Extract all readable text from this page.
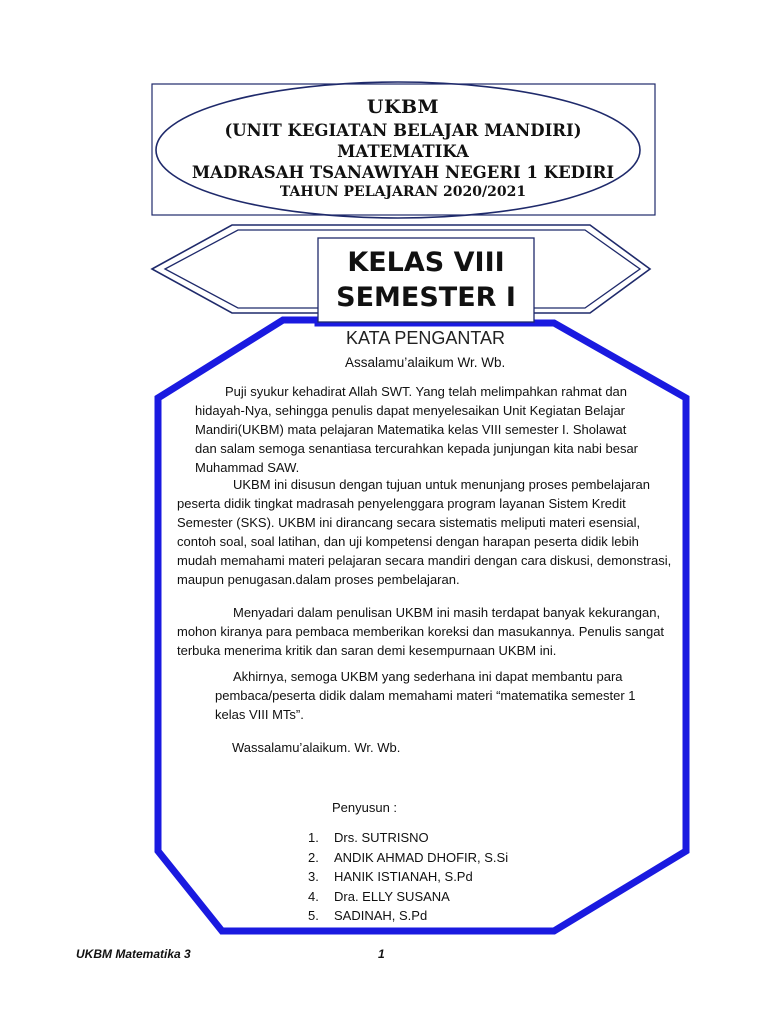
UKBM
(UNIT KEGIATAN BELAJAR MANDIRI)
MATEMATIKA
MADRASAH TSANAWIYAH NEGERI 1 KEDIRI
TAHUN PELAJARAN 2020/2021
KELAS VIII
SEMESTER I
KATA PENGANTAR
Assalamu’alaikum Wr. Wb.
Puji syukur kehadirat Allah SWT. Yang telah melimpahkan rahmat dan
hidayah-Nya, sehingga penulis dapat menyelesaikan Unit Kegiatan Belajar
Mandiri(UKBM) mata pelajaran Matematika kelas VIII semester I. Sholawat
dan salam semoga senantiasa tercurahkan kepada junjungan kita nabi besar
Muhammad SAW.
UKBM ini disusun dengan tujuan untuk menunjang proses pembelajaran
peserta didik tingkat madrasah penyelenggara program layanan Sistem Kredit
Semester (SKS). UKBM ini dirancang secara sistematis meliputi materi esensial,
contoh soal, soal latihan, dan uji kompetensi dengan harapan peserta didik lebih
mudah memahami materi pelajaran secara mandiri dengan cara diskusi, demonstrasi,
maupun penugasan.dalam proses pembelajaran.
Menyadari dalam penulisan UKBM ini masih terdapat banyak kekurangan,
mohon kiranya para pembaca memberikan koreksi dan masukannya. Penulis sangat
terbuka menerima kritik dan saran demi kesempurnaan UKBM ini.
Akhirnya, semoga UKBM yang sederhana ini dapat membantu para
pembaca/peserta didik dalam memahami materi “matematika semester 1
kelas VIII MTs”.
Wassalamu’alaikum. Wr. Wb.
Penyusun :
1.	Drs. SUTRISNO
2.	ANDIK AHMAD DHOFIR, S.Si
3.	HANIK ISTIANAH, S.Pd
4.	Dra. ELLY SUSANA
5.	SADINAH, S.Pd
UKBM Matematika 3	1
